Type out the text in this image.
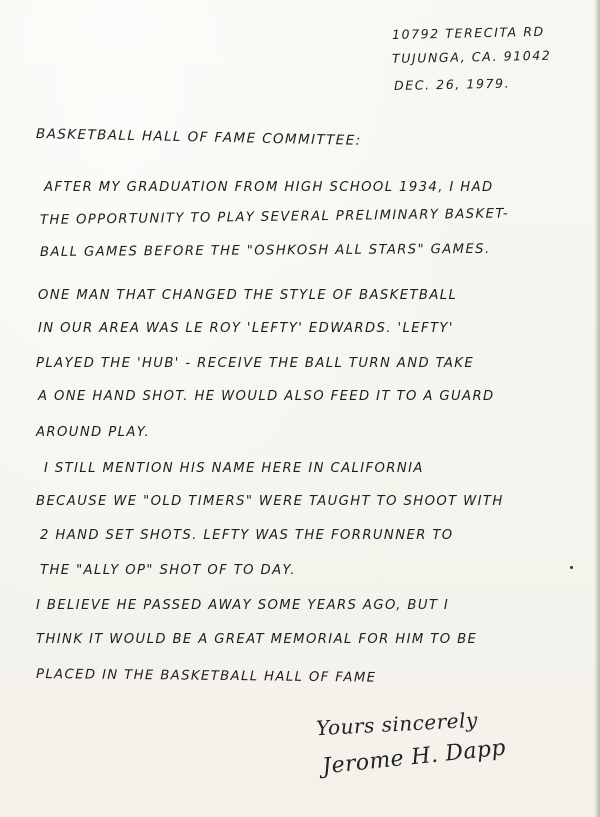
10792 TERECITA RD
TUJUNGA, CA. 91042
DEC. 26, 1979.
BASKETBALL HALL OF FAME COMMITTEE:
AFTER MY GRADUATION FROM HIGH SCHOOL 1934, I HAD
THE OPPORTUNITY TO PLAY SEVERAL PRELIMINARY BASKET-
BALL GAMES BEFORE THE "OSHKOSH ALL STARS" GAMES.
ONE MAN THAT CHANGED THE STYLE OF BASKETBALL
IN OUR AREA WAS LE ROY 'LEFTY' EDWARDS. 'LEFTY'
PLAYED THE 'HUB' - RECEIVE THE BALL TURN AND TAKE
A ONE HAND SHOT. HE WOULD ALSO FEED IT TO A GUARD
AROUND PLAY.
I STILL MENTION HIS NAME HERE IN CALIFORNIA
BECAUSE WE "OLD TIMERS" WERE TAUGHT TO SHOOT WITH
2 HAND SET SHOTS. LEFTY WAS THE FORRUNNER TO
THE "ALLY OP" SHOT OF TO DAY.
I BELIEVE HE PASSED AWAY SOME YEARS AGO, BUT I
THINK IT WOULD BE A GREAT MEMORIAL FOR HIM TO BE
PLACED IN THE BASKETBALL HALL OF FAME
Yours sincerely
Jerome H. Dapp
